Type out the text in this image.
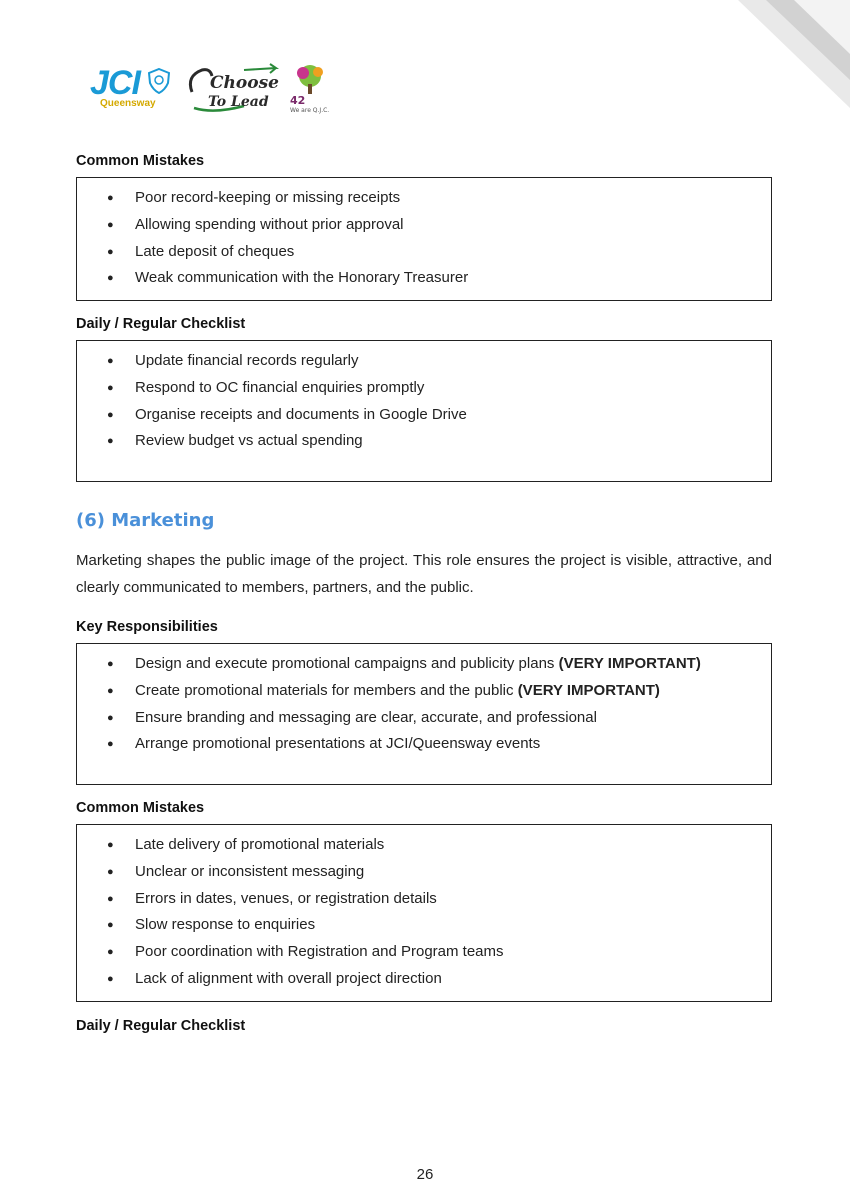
JCI
Queensway
Choose
To Lead 42
We are Q.J.C.

Common Mistakes

● Poor record-keeping or missing receipts
● Allowing spending without prior approval
● Late deposit of cheques
● Weak communication with the Honorary Treasurer

Daily / Regular Checklist

● Update financial records regularly
● Respond to OC financial enquiries promptly
● Organise receipts and documents in Google Drive
● Review budget vs actual spending

(6) Marketing

Marketing shapes the public image of the project. This role ensures the project is visible, attractive, and clearly communicated to members, partners, and the public.

Key Responsibilities

● Design and execute promotional campaigns and publicity plans (VERY IMPORTANT)
● Create promotional materials for members and the public (VERY IMPORTANT)
● Ensure branding and messaging are clear, accurate, and professional
● Arrange promotional presentations at JCI/Queensway events

Common Mistakes

● Late delivery of promotional materials
● Unclear or inconsistent messaging
● Errors in dates, venues, or registration details
● Slow response to enquiries
● Poor coordination with Registration and Program teams
● Lack of alignment with overall project direction

Daily / Regular Checklist

26
